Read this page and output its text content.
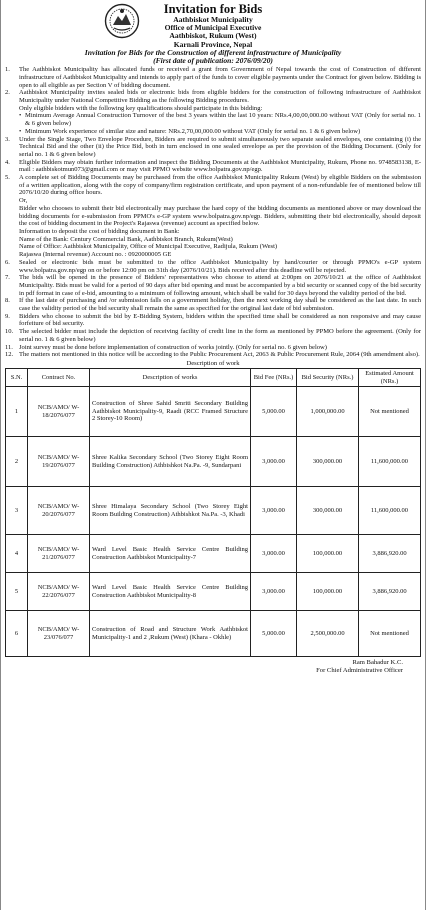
Invitation for Bids
Aathbiskot Municipality
Office of Municipal Executive
Aathbiskot, Rukum (West)
Karnali Province, Nepal
Invitation for Bids for the Construction of different infrastructure of Municipality
(First date of publication: 2076/09/20)
1.	The Aathbiskot Municipality has allocated funds or received a grant from Government of Nepal towards the cost of Construction of different infrastructure of Aathbiskot Municipality and intends to apply part of the funds to cover eligible payments under the Contract for given below. Bidding is open to all eligible as per Section V of bidding document.
2.	Aathbiskot Municipality invites sealed bids or electronic bids from eligible bidders for the construction of following infrastructure of Aathbiskot Municipality under National Competitive Bidding as the following Bidding procedures.
Only eligible bidders with the following key qualifications should participate in this bidding:
• Minimum Average Annual Construction Turnover of the best 3 years within the last 10 years: NRs.4,00,00,000.00 without VAT (Only for serial no. 1 & 6 given below)
• Minimum Work experience of similar size and nature: NRs.2,70,00,000.00 without VAT (Only for serial no. 1 & 6 given below)
3.	Under the Single Stage, Two Envelope Procedure, Bidders are required to submit simultaneously two separate sealed envelopes, one containing (i) the Technical Bid and the other (ii) the Price Bid, both in turn enclosed in one sealed envelope as per the provision of the Bidding Document. (Only for serial no. 1 & 6 given below)
4.	Eligible Bidders may obtain further information and inspect the Bidding Documents at the Aathbiskot Municipality, Rukum, Phone no. 9748583138, E-mail : aathbiskotmun073@gmail.com or may visit PPMO website www.bolpatra.gov.np/egp.
5.	A complete set of Bidding Documents may be purchased from the office Aathbiskot Municipality Rukum (West) by eligible Bidders on the submission of a written application, along with the copy of company/firm registration certificate, and upon payment of a non-refundable fee of mentioned below till 2076/10/20 during office hours.
Or,
Bidder who chooses to submit their bid electronically may purchase the hard copy of the bidding documents as mentioned above or may download the bidding documents for e-submission from PPMO's e-GP system www.bolpatra.gov.np/egp. Bidders, submitting their bid electronically, should deposit the cost of bidding document in the Project's Rajaswa (revenue) account as specified below.
Information to deposit the cost of bidding document in Bank:
Name of the Bank: Century Commercial Bank, Aathbiskot Branch, Rukum(West)
Name of Office: Aathbiskot Municipality, Office of Municipal Executive, Radijula, Rukum (West)
Rajaswa (Internal revenue) Account no. : 0920000005 GE
6.	Sealed or electronic bids must be submitted to the office Aathbiskot Municipality by hand/courier or through PPMO's e-GP system www.bolpatra.gov.np/egp on or before 12:00 pm on 31th day (2076/10/21). Bids received after this deadline will be rejected.
7.	The bids will be opened in the presence of Bidders' representatives who choose to attend at 2:00pm on 2076/10/21 at the office of Aathbiskot Municipality. Bids must be valid for a period of 90 days after bid opening and must be accompanied by a bid security or scanned copy of the bid security in pdf format in case of e-bid, amounting to a minimum of following amount, which shall be valid for 30 days beyond the validity period of the bid.
8.	If the last date of purchasing and /or submission falls on a government holiday, then the next working day shall be considered as the last date. In such case the validity period of the bid security shall remain the same as specified for the original last date of bid submission.
9.	Bidders who choose to submit the bid by E-Bidding System, bidders within the specified time shall be considered as non responsive and may cause forfeiture of bid security.
10. The selected bidder must include the depiction of receiving facility of credit line in the form as mentioned by PPMO before the agreement. (Only for serial no. 1 & 6 given below)
11. Joint survey must be done before implementation of construction of works jointly. (Only for serial no. 6 given below)
12. The matters not mentioned in this notice will be according to the Public Procurement Act, 2063 & Public Procurement Rule, 2064 (9th amendment also).
Description of work
S.N.	Contract No.	Description of works	Bid Fee (NRs.)	Bid Security (NRs.)	Estimated Amount (NRs.)
1	NCB/AMO/ W-18/2076/077	Construction of Shree Sahid Smriti Secondary Building Aathbiskot Municipality-9, Raadi (RCC Framed Structure 2 Storey-10 Room)	5,000.00	1,000,000.00	Not mentioned
2	NCB/AMO/ W-19/2076/077	Shree Kalika Secondary School (Two Storey Eight Room Building Construction) Athbishkot Na.Pa. -9, Sundarpani	3,000.00	300,000.00	11,600,000.00
3	NCB/AMO/ W-20/2076/077	Shree Himalaya Secondary School (Two Storey Eight Room Building Construction) Athbishkot Na.Pa. -3, Khadi	3,000.00	300,000.00	11,600,000.00
4	NCB/AMO/ W-21/2076/077	Ward Level Basic Health Service Centre Building Construction Aathbiskot Municipality-7	3,000.00	100,000.00	3,886,920.00
5	NCB/AMO/ W-22/2076/077	Ward Level Basic Health Service Centre Building Construction Aathbiskot Municipality-8	3,000.00	100,000.00	3,886,920.00
6	NCB/AMO/ W- 23/076/077	Construction of Road and Structure Work Aathbiskot Municipality-1 and 2 ,Rukum (West) (Khara - Okhle)	5,000.00	2,500,000.00	Not mentioned
Ram Bahadur K.C.
For Chief Administrative Officer
